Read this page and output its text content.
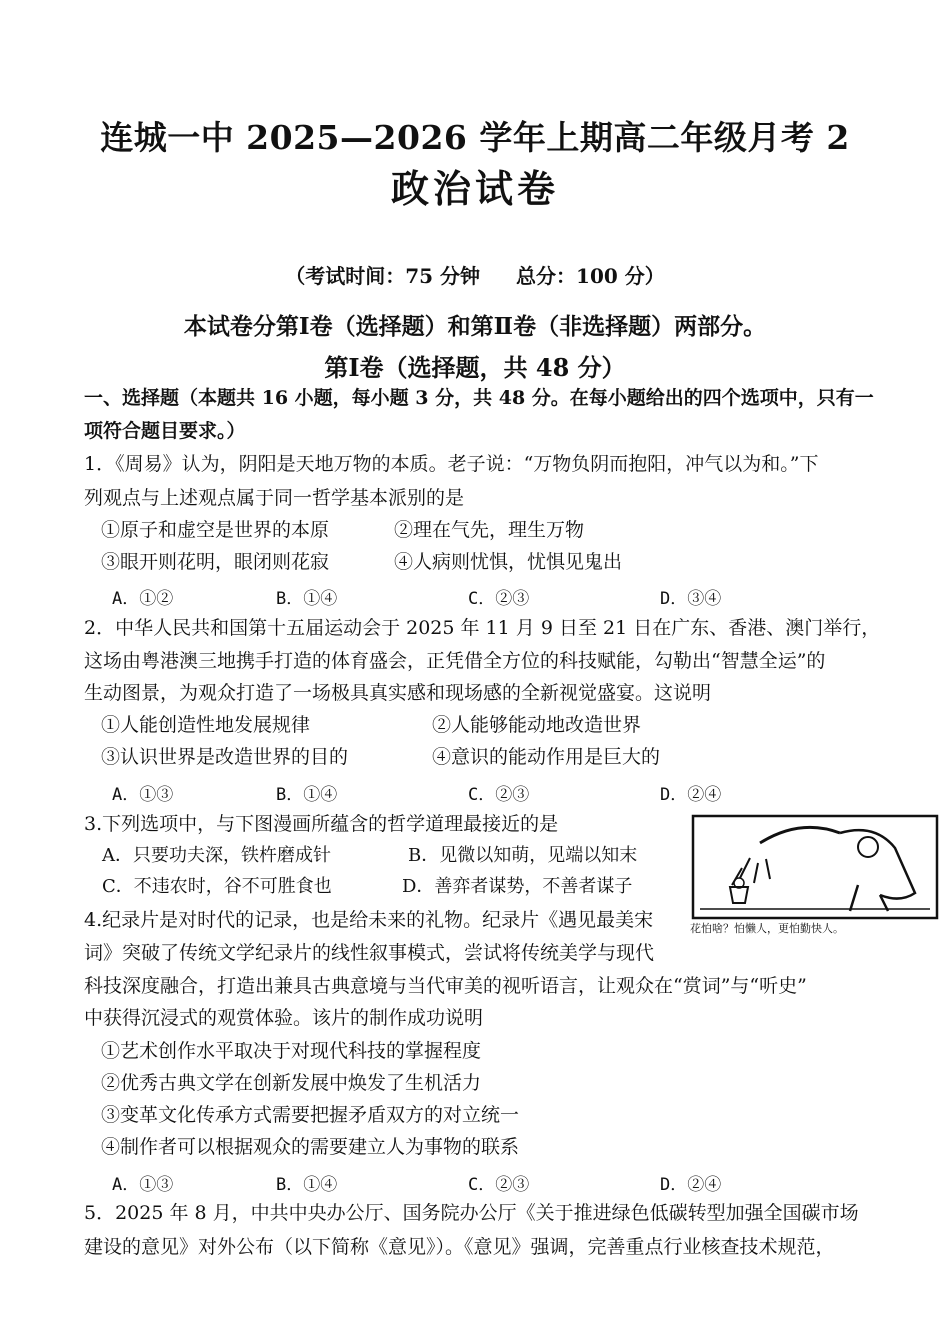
连城一中 2025—2026 学年上期高二年级月考 2
政治试卷
（考试时间：75 分钟 总分：100 分）
本试卷分第Ⅰ卷（选择题）和第Ⅱ卷（非选择题）两部分。
第Ⅰ卷（选择题，共 48 分）
一、选择题（本题共 16 小题，每小题 3 分，共 48 分。在每小题给出的四个选项中，只有一
项符合题目要求。）
1．《周易》认为，阴阳是天地万物的本质。老子说：“万物负阴而抱阳，冲气以为和。”下
列观点与上述观点属于同一哲学基本派别的是
①原子和虚空是世界的本原	②理在气先，理生万物
③眼开则花明，眼闭则花寂	④人病则忧惧，忧惧见鬼出
A．①②	B．①④	C．②③	D．③④
2．中华人民共和国第十五届运动会于 2025 年 11 月 9 日至 21 日在广东、香港、澳门举行，
这场由粤港澳三地携手打造的体育盛会，正凭借全方位的科技赋能，勾勒出“智慧全运”的
生动图景，为观众打造了一场极具真实感和现场感的全新视觉盛宴。这说明
①人能创造性地发展规律	②人能够能动地改造世界
③认识世界是改造世界的目的	④意识的能动作用是巨大的
A．①③	B．①④	C．②③	D．②④
3.下列选项中，与下图漫画所蕴含的哲学道理最接近的是
A．只要功夫深，铁杵磨成针	B．见微以知萌，见端以知末
C．不违农时，谷不可胜食也	D．善弈者谋势，不善者谋子
花怕啥？怕懒人，更怕勤快人。
4.纪录片是对时代的记录，也是给未来的礼物。纪录片《遇见最美宋
词》突破了传统文学纪录片的线性叙事模式，尝试将传统美学与现代
科技深度融合，打造出兼具古典意境与当代审美的视听语言，让观众在“赏词”与“听史”
中获得沉浸式的观赏体验。该片的制作成功说明
①艺术创作水平取决于对现代科技的掌握程度
②优秀古典文学在创新发展中焕发了生机活力
③变革文化传承方式需要把握矛盾双方的对立统一
④制作者可以根据观众的需要建立人为事物的联系
A．①③	B．①④	C．②③	D．②④
5．2025 年 8 月，中共中央办公厅、国务院办公厅《关于推进绿色低碳转型加强全国碳市场
建设的意见》对外公布（以下简称《意见》）。《意见》强调，完善重点行业核查技术规范，
